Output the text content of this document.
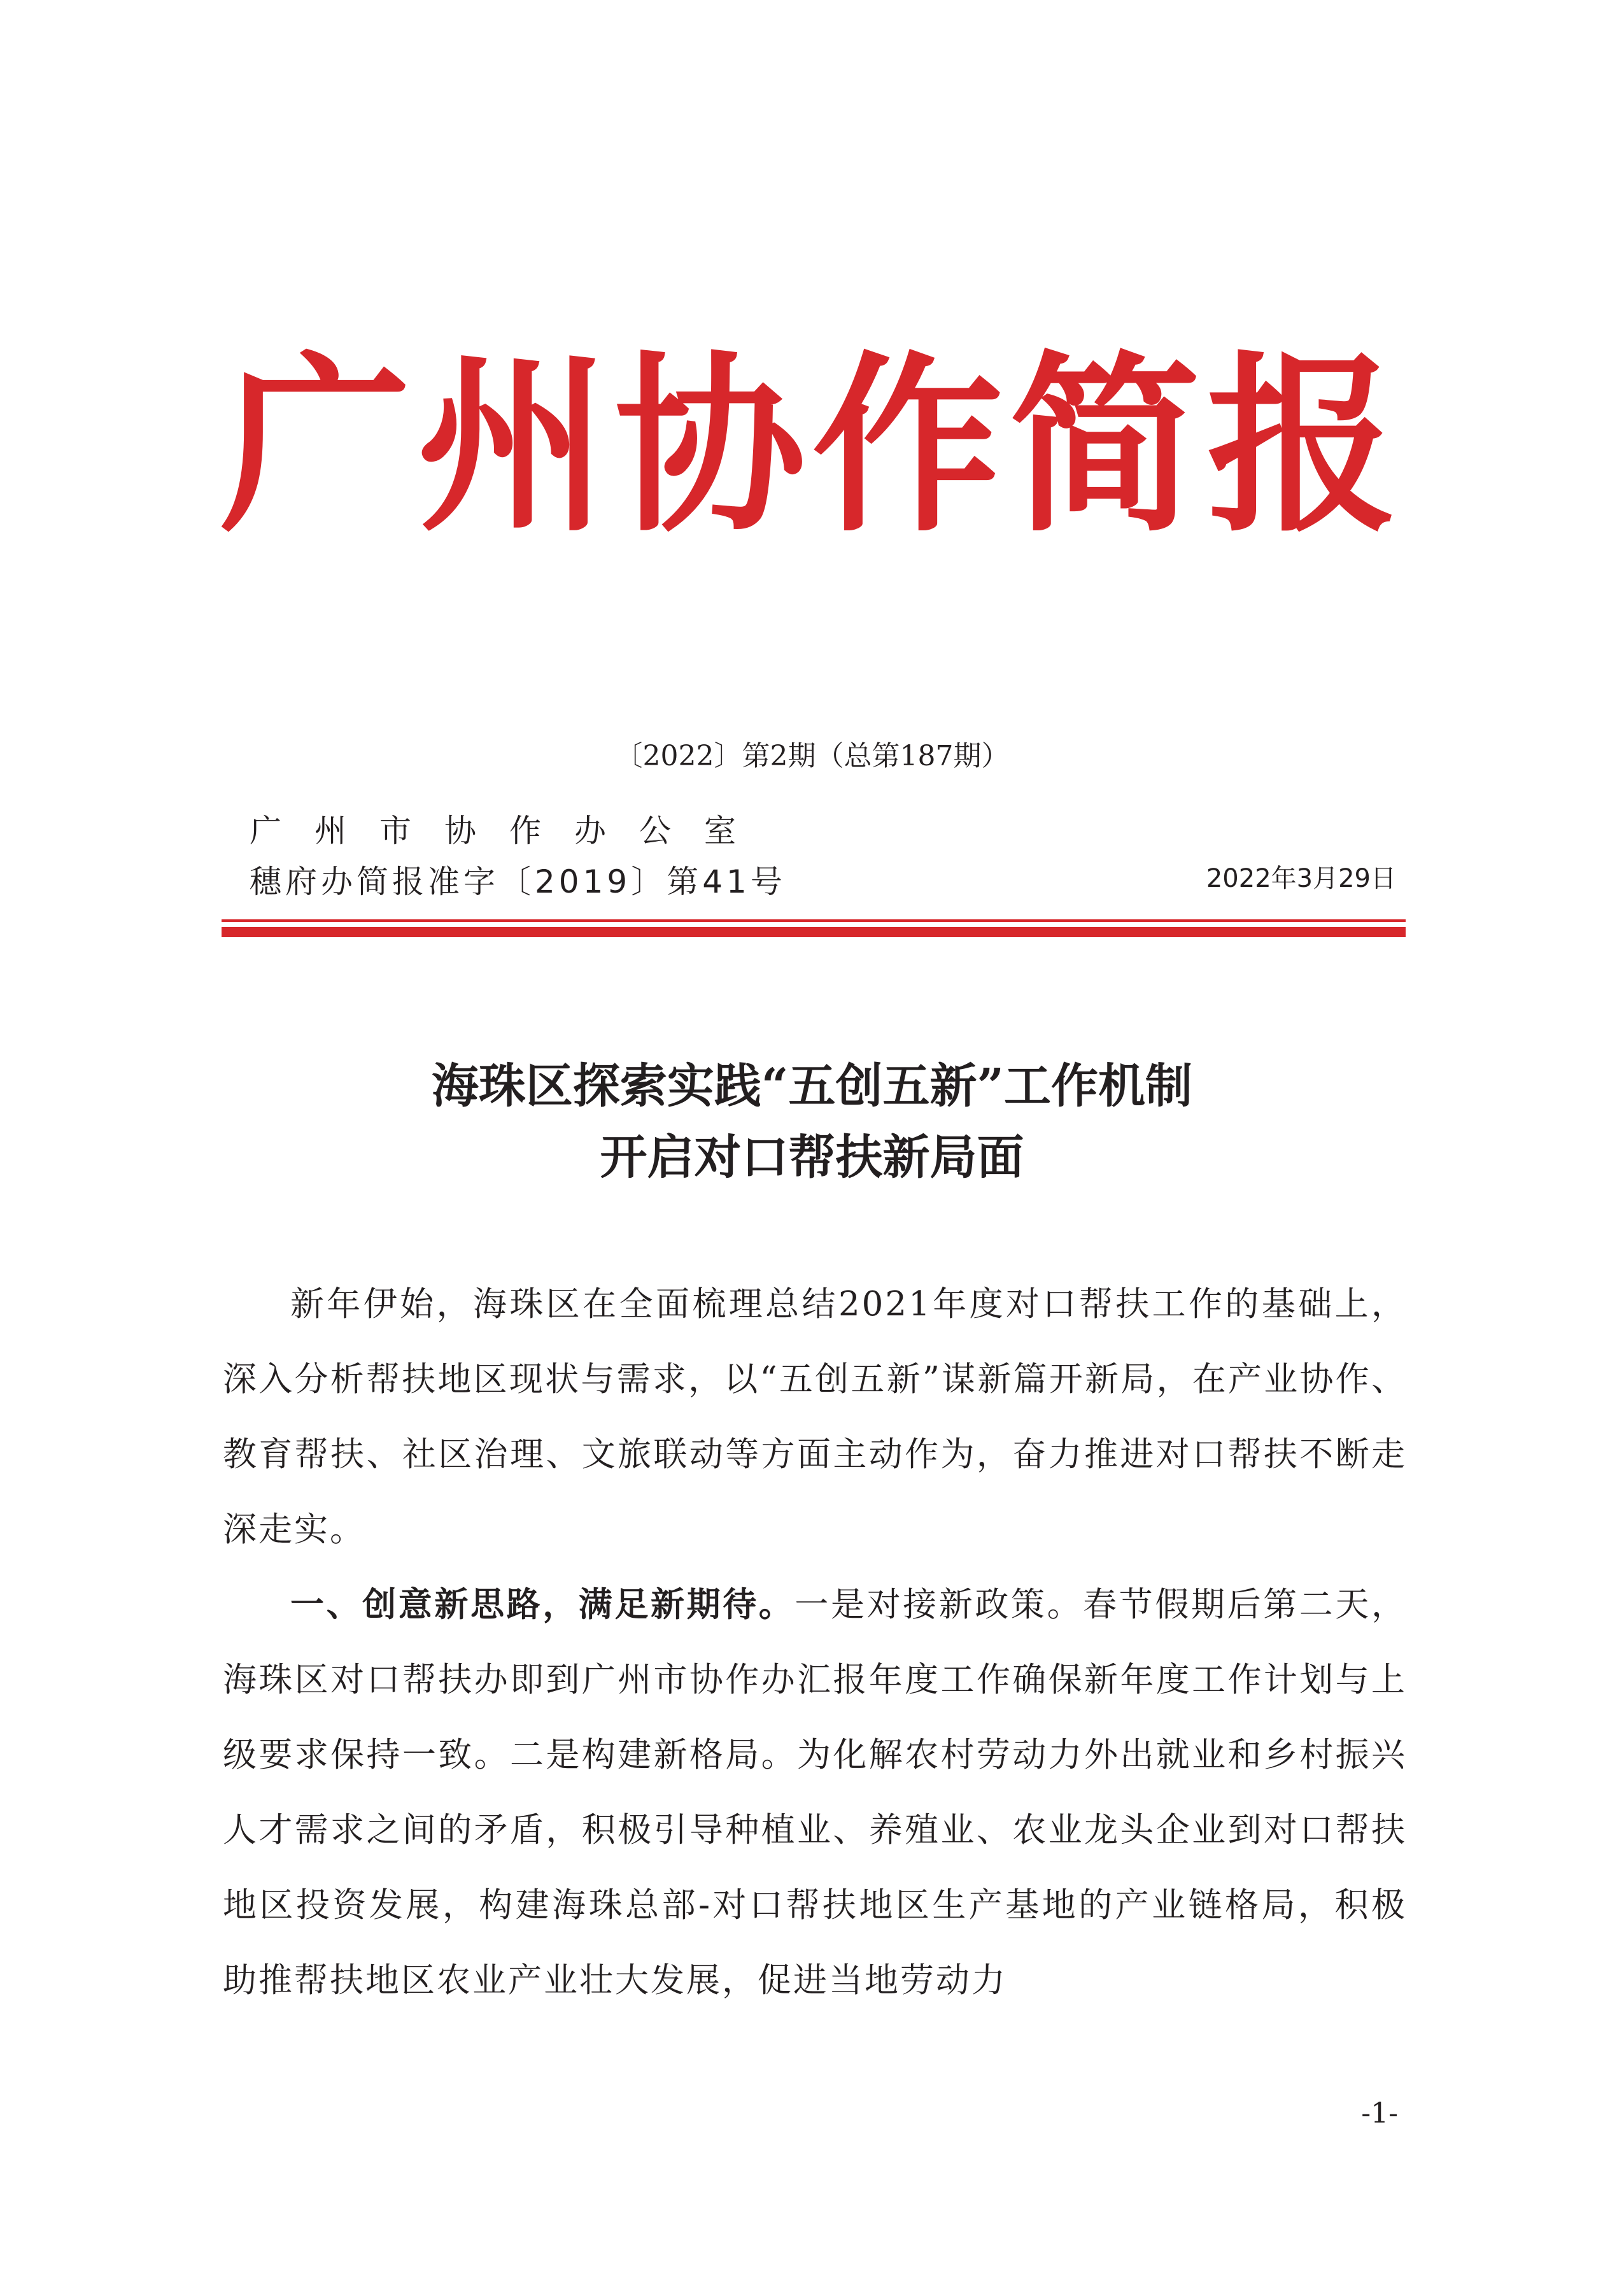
广州协作简报
〔2022〕第2期（总第187期）
广州市协作办公室
穗府办简报准字〔2019〕第41号	2022年3月29日
海珠区探索实践“五创五新”工作机制
开启对口帮扶新局面

新年伊始，海珠区在全面梳理总结2021年度对口帮扶工作的基础上，深入分析帮扶地区现状与需求，以“五创五新”谋新篇开新局，在产业协作、教育帮扶、社区治理、文旅联动等方面主动作为，奋力推进对口帮扶不断走深走实。

一、创意新思路，满足新期待。一是对接新政策。春节假期后第二天，海珠区对口帮扶办即到广州市协作办汇报年度工作确保新年度工作计划与上级要求保持一致。二是构建新格局。为化解农村劳动力外出就业和乡村振兴人才需求之间的矛盾，积极引导种植业、养殖业、农业龙头企业到对口帮扶地区投资发展，构建海珠总部-对口帮扶地区生产基地的产业链格局，积极助推帮扶地区农业产业壮大发展，促进当地劳动力

-1-
